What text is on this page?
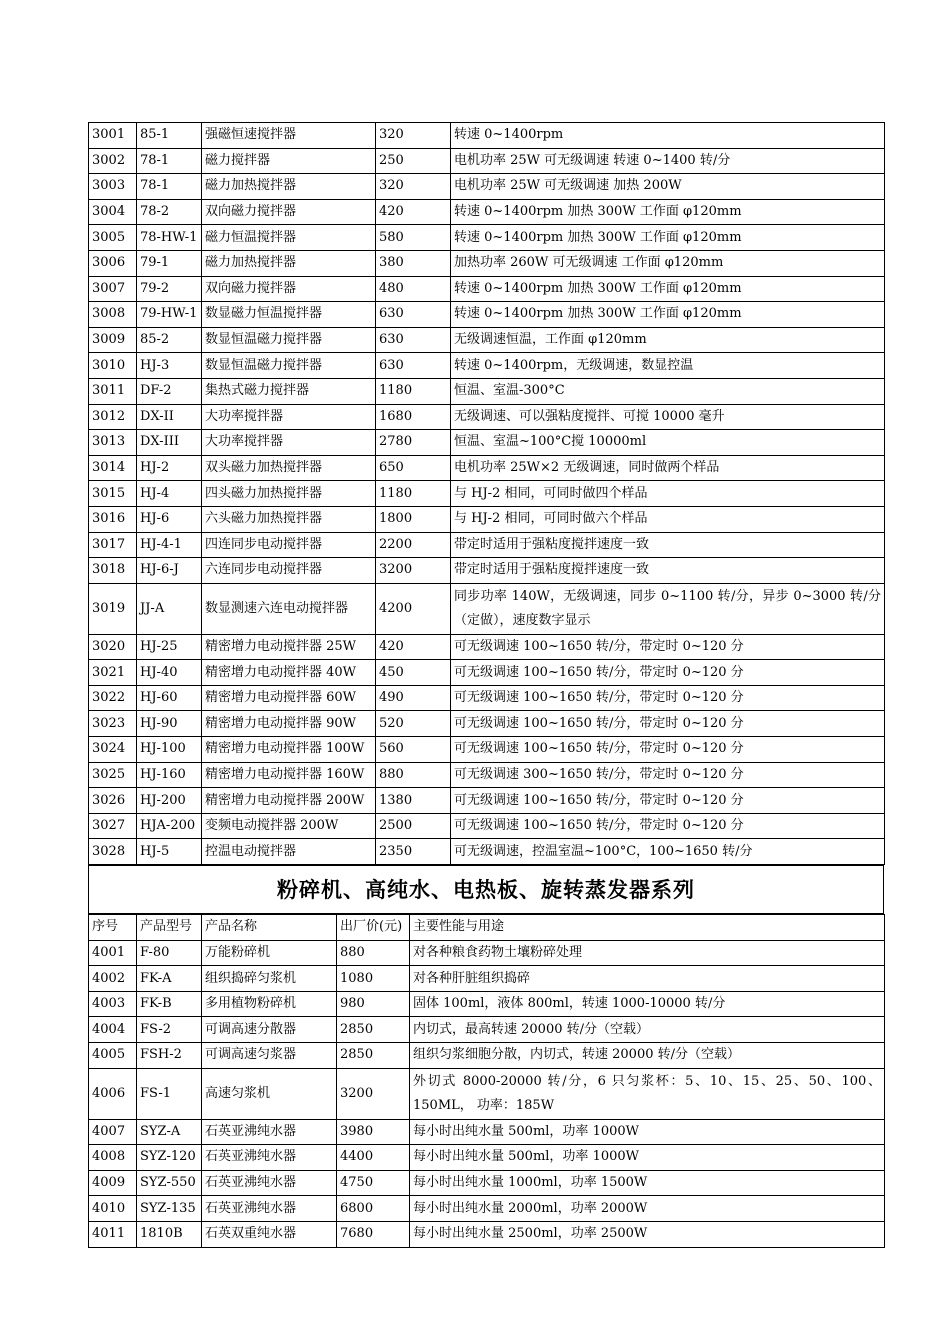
3001	85-1	强磁恒速搅拌器	320	转速 0~1400rpm
3002	78-1	磁力搅拌器	250	电机功率 25W 可无级调速 转速 0~1400 转/分
3003	78-1	磁力加热搅拌器	320	电机功率 25W 可无级调速 加热 200W
3004	78-2	双向磁力搅拌器	420	转速 0~1400rpm 加热 300W 工作面 φ120mm
3005	78-HW-1	磁力恒温搅拌器	580	转速 0~1400rpm 加热 300W 工作面 φ120mm
3006	79-1	磁力加热搅拌器	380	加热功率 260W 可无级调速 工作面 φ120mm
3007	79-2	双向磁力搅拌器	480	转速 0~1400rpm 加热 300W 工作面 φ120mm
3008	79-HW-1	数显磁力恒温搅拌器	630	转速 0~1400rpm 加热 300W 工作面 φ120mm
3009	85-2	数显恒温磁力搅拌器	630	无级调速恒温，工作面 φ120mm
3010	HJ-3	数显恒温磁力搅拌器	630	转速 0~1400rpm，无级调速，数显控温
3011	DF-2	集热式磁力搅拌器	1180	恒温、室温-300°C
3012	DX-II	大功率搅拌器	1680	无级调速、可以强粘度搅拌、可搅 10000 毫升
3013	DX-III	大功率搅拌器	2780	恒温、室温~100°C搅 10000ml
3014	HJ-2	双头磁力加热搅拌器	650	电机功率 25W×2 无级调速，同时做两个样品
3015	HJ-4	四头磁力加热搅拌器	1180	与 HJ-2 相同，可同时做四个样品
3016	HJ-6	六头磁力加热搅拌器	1800	与 HJ-2 相同，可同时做六个样品
3017	HJ-4-1	四连同步电动搅拌器	2200	带定时适用于强粘度搅拌速度一致
3018	HJ-6-J	六连同步电动搅拌器	3200	带定时适用于强粘度搅拌速度一致
3019	JJ-A	数显测速六连电动搅拌器	4200	同步功率 140W，无级调速，同步 0~1100 转/分，异步 0~3000 转/分（定做），速度数字显示
3020	HJ-25	精密增力电动搅拌器 25W	420	可无级调速 100~1650 转/分，带定时 0~120 分
3021	HJ-40	精密增力电动搅拌器 40W	450	可无级调速 100~1650 转/分，带定时 0~120 分
3022	HJ-60	精密增力电动搅拌器 60W	490	可无级调速 100~1650 转/分，带定时 0~120 分
3023	HJ-90	精密增力电动搅拌器 90W	520	可无级调速 100~1650 转/分，带定时 0~120 分
3024	HJ-100	精密增力电动搅拌器 100W	560	可无级调速 100~1650 转/分，带定时 0~120 分
3025	HJ-160	精密增力电动搅拌器 160W	880	可无级调速 300~1650 转/分，带定时 0~120 分
3026	HJ-200	精密增力电动搅拌器 200W	1380	可无级调速 100~1650 转/分，带定时 0~120 分
3027	HJA-200	变频电动搅拌器 200W	2500	可无级调速 100~1650 转/分，带定时 0~120 分
3028	HJ-5	控温电动搅拌器	2350	可无级调速，控温室温~100°C，100~1650 转/分
粉碎机、高纯水、电热板、旋转蒸发器系列
序号	产品型号	产品名称	出厂价(元)	主要性能与用途
4001	F-80	万能粉碎机	880	对各种粮食药物土壤粉碎处理
4002	FK-A	组织捣碎匀浆机	1080	对各种肝脏组织捣碎
4003	FK-B	多用植物粉碎机	980	固体 100ml，液体 800ml，转速 1000-10000 转/分
4004	FS-2	可调高速分散器	2850	内切式，最高转速 20000 转/分（空载）
4005	FSH-2	可调高速匀浆器	2850	组织匀浆细胞分散，内切式，转速 20000 转/分（空载）
4006	FS-1	高速匀浆机	3200	外切式 8000-20000 转/分，6 只匀浆杯：5、10、15、25、50、100、150ML， 功率：185W
4007	SYZ-A	石英亚沸纯水器	3980	每小时出纯水量 500ml，功率 1000W
4008	SYZ-120	石英亚沸纯水器	4400	每小时出纯水量 500ml，功率 1000W
4009	SYZ-550	石英亚沸纯水器	4750	每小时出纯水量 1000ml，功率 1500W
4010	SYZ-135	石英亚沸纯水器	6800	每小时出纯水量 2000ml，功率 2000W
4011	1810B	石英双重纯水器	7680	每小时出纯水量 2500ml，功率 2500W
